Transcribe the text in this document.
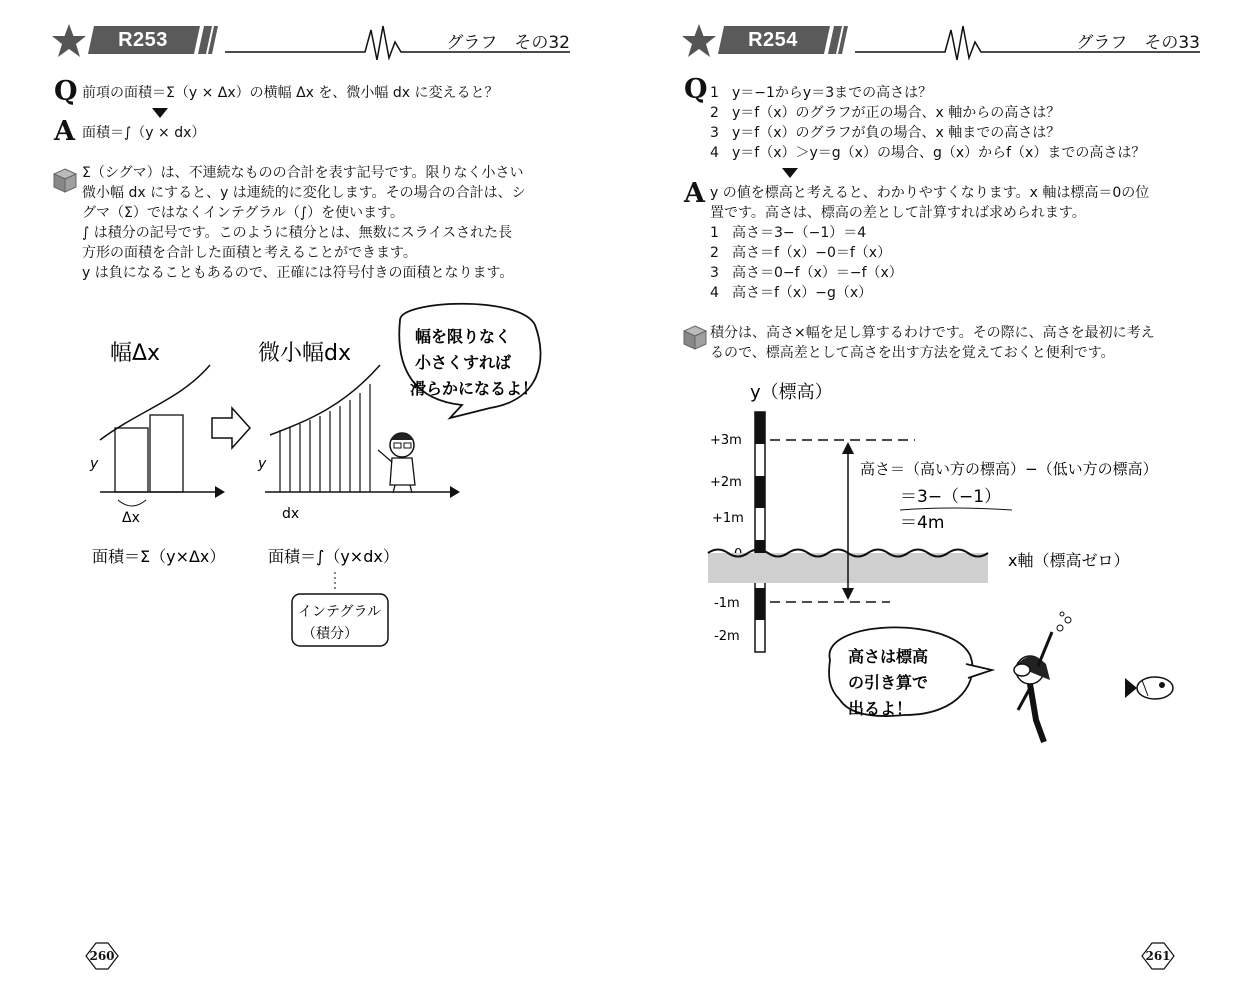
R253	グラフ　その32
Q 前項の面積＝Σ（y × Δx）の横幅 Δx を、微小幅 dx に変えると？
A 面積＝∫（y × dx）
Σ（シグマ）は、不連続なものの合計を表す記号です。限りなく小さい
微小幅 dx にすると、y は連続的に変化します。その場合の合計は、シ
グマ（Σ）ではなくインテグラル（∫）を使います。
∫ は積分の記号です。このように積分とは、無数にスライスされた長
方形の面積を合計した面積と考えることができます。
y は負になることもあるので、正確には符号付きの面積となります。
幅Δx	微小幅dx
y
Δx
y
dx
幅を限りなく
小さくすれば
滑らかになるよ！
面積＝Σ（y×Δx）	面積＝∫（y×dx）
インテグラル
（積分）
260
R254	グラフ　その33
Q 1 y＝−1からy＝3までの高さは？
2 y＝f（x）のグラフが正の場合、x 軸からの高さは？
3 y＝f（x）のグラフが負の場合、x 軸までの高さは？
4 y＝f（x）＞y＝g（x）の場合、g（x）からf（x）までの高さは？
A y の値を標高と考えると、わかりやすくなります。x 軸は標高＝0の位
置です。高さは、標高の差として計算すれば求められます。
1 高さ＝3−（−1）＝4
2 高さ＝f（x）−0＝f（x）
3 高さ＝0−f（x）＝−f（x）
4 高さ＝f（x）−g（x）
積分は、高さ×幅を足し算するわけです。その際に、高さを最初に考え
るので、標高差として高さを出す方法を覚えておくと便利です。
y（標高）
+3m
+2m
+1m
-1m
-2m
高さ＝（高い方の標高）−（低い方の標高）
＝3−（−1）
＝4m
x軸（標高ゼロ）
高さは標高
の引き算で
出るよ！
261
